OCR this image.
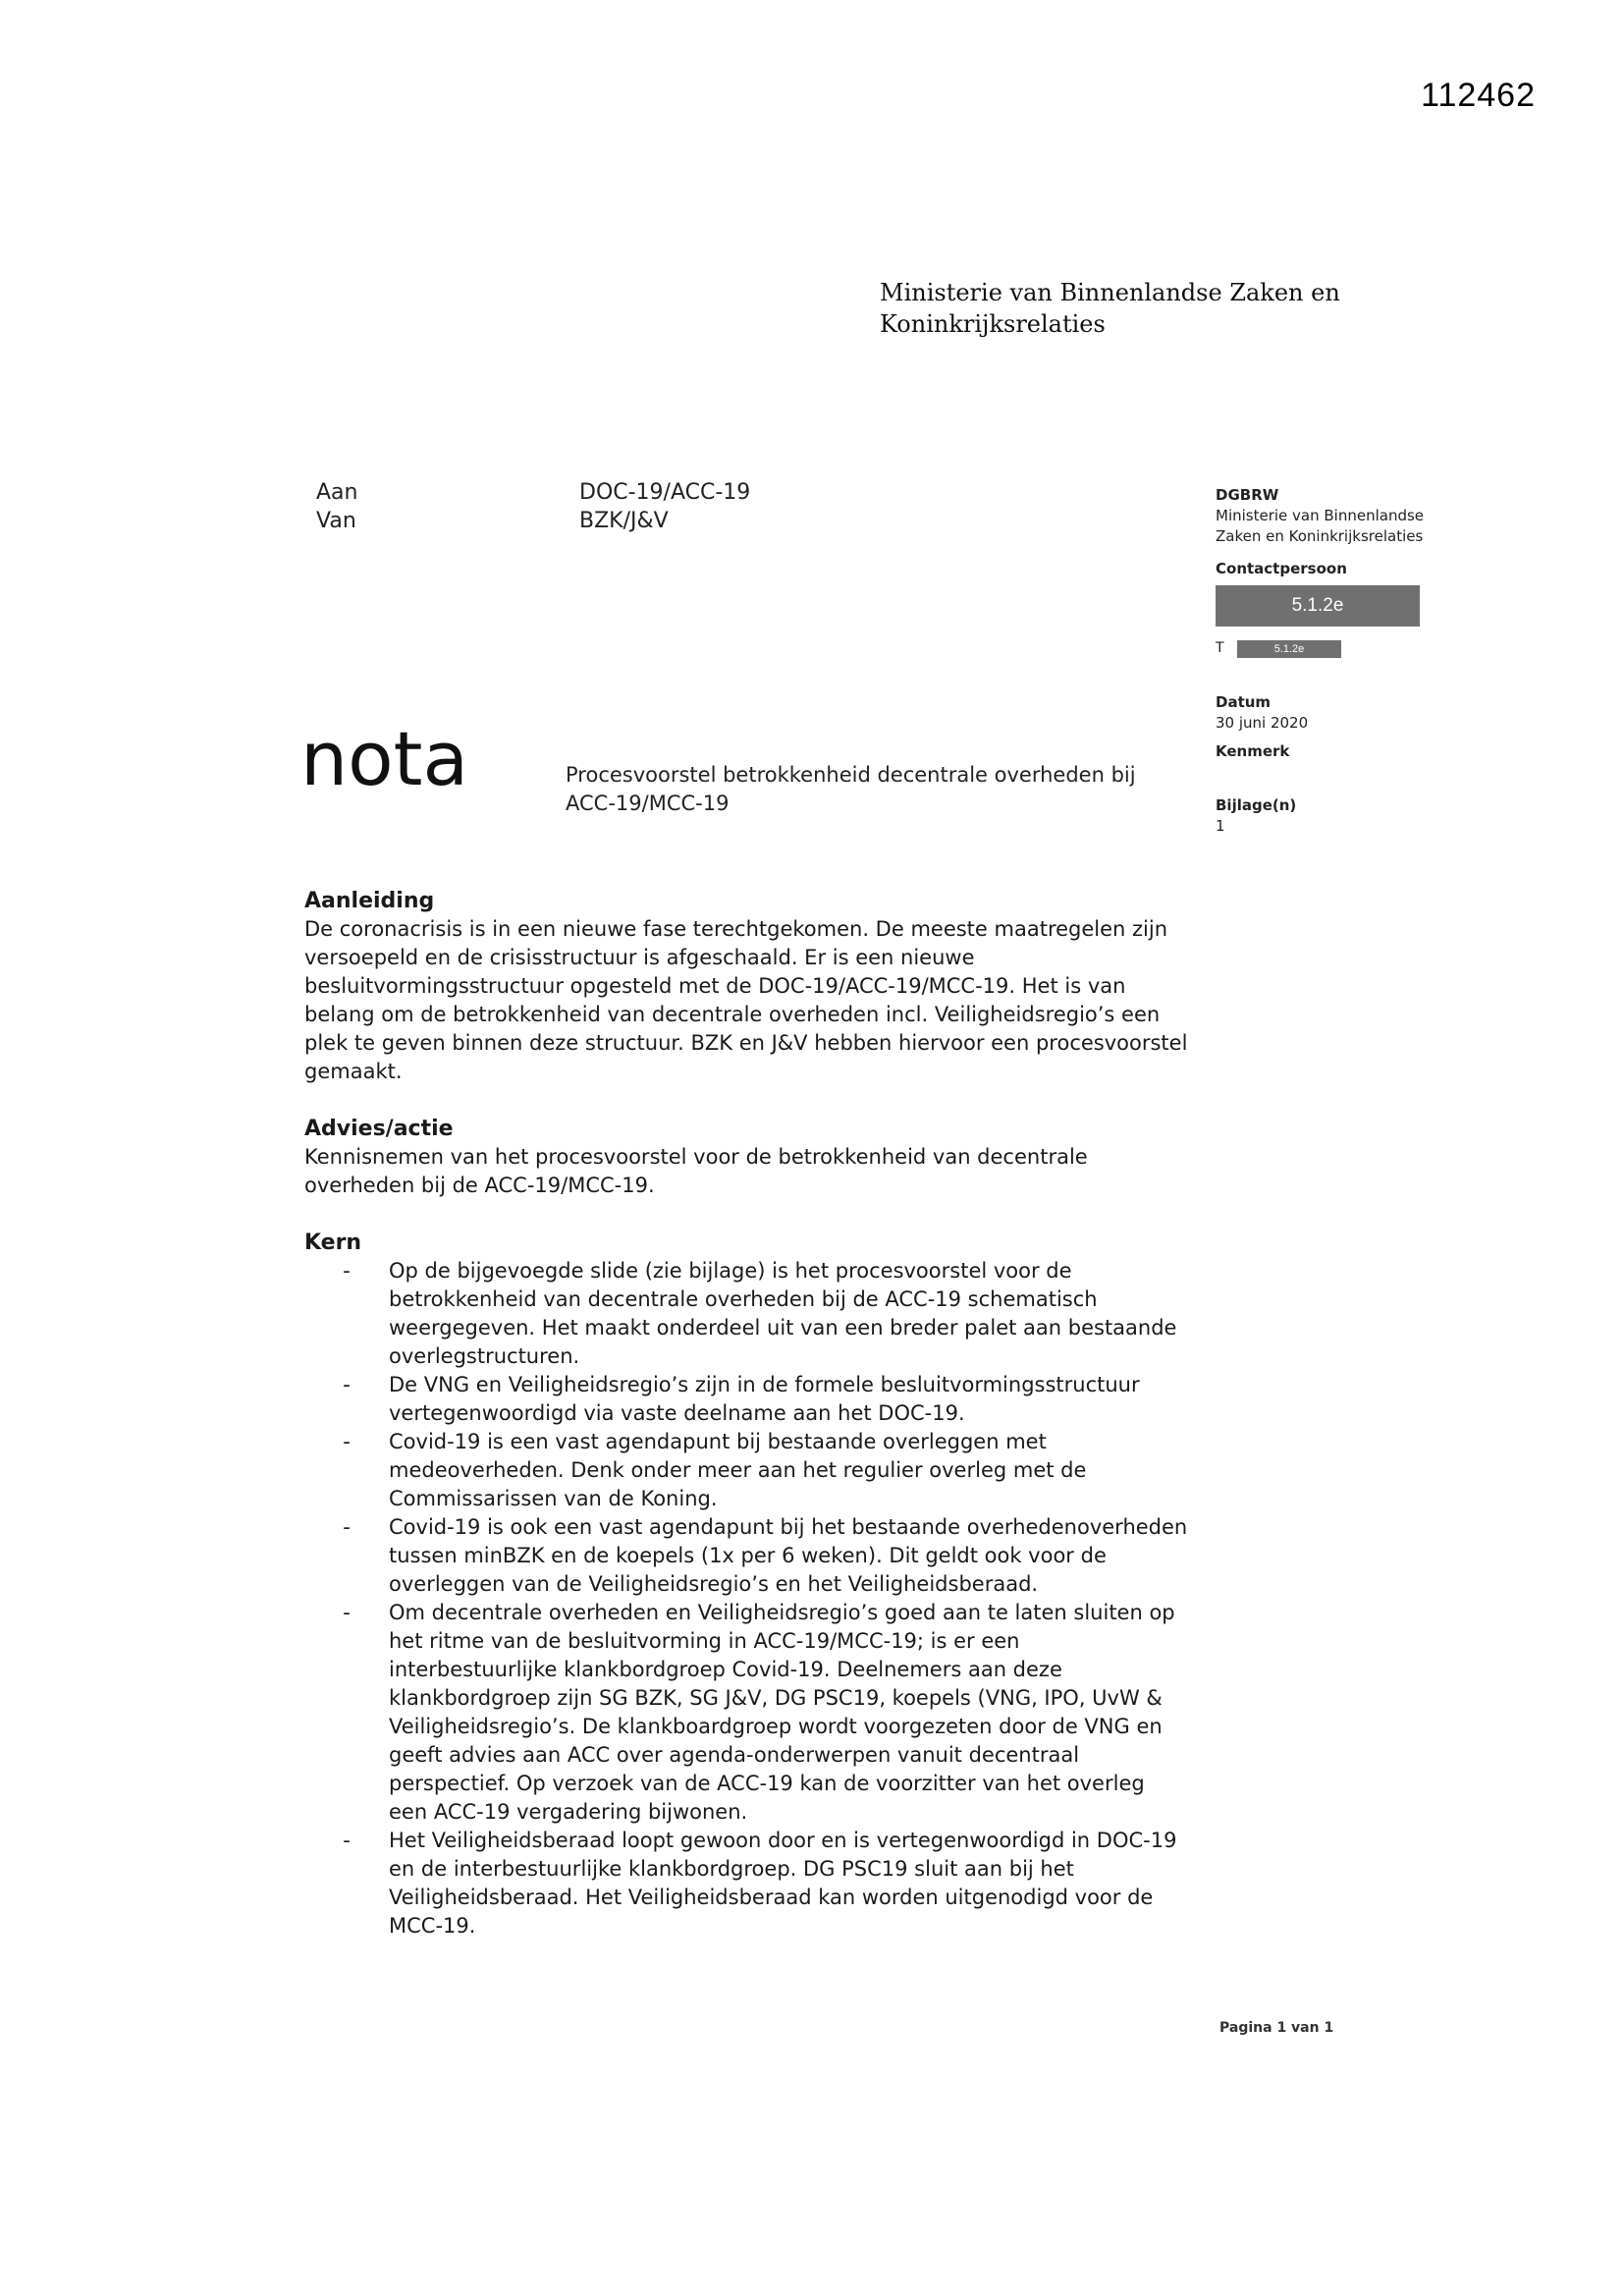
112462
Ministerie van Binnenlandse Zaken en
Koninkrijksrelaties
Aan	DOC-19/ACC-19
Van	BZK/J&V
DGBRW
Ministerie van Binnenlandse
Zaken en Koninkrijksrelaties
Contactpersoon
5.1.2e
T	5.1.2e
Datum
30 juni 2020
Kenmerk
Bijlage(n)
1
nota	Procesvoorstel betrokkenheid decentrale overheden bij
ACC-19/MCC-19
Aanleiding

De coronacrisis is in een nieuwe fase terechtgekomen. De meeste maatregelen zijn versoepeld en de crisisstructuur is afgeschaald. Er is een nieuwe besluitvormingsstructuur opgesteld met de DOC-19/ACC-19/MCC-19. Het is van belang om de betrokkenheid van decentrale overheden incl. Veiligheidsregio’s een plek te geven binnen deze structuur. BZK en J&V hebben hiervoor een procesvoorstel gemaakt.

Advies/actie

Kennisnemen van het procesvoorstel voor de betrokkenheid van decentrale overheden bij de ACC-19/MCC-19.

Kern
-	Op de bijgevoegde slide (zie bijlage) is het procesvoorstel voor de betrokkenheid van decentrale overheden bij de ACC-19 schematisch weergegeven. Het maakt onderdeel uit van een breder palet aan bestaande overlegstructuren.
-	De VNG en Veiligheidsregio’s zijn in de formele besluitvormingsstructuur vertegenwoordigd via vaste deelname aan het DOC-19.
-	Covid-19 is een vast agendapunt bij bestaande overleggen met medeoverheden. Denk onder meer aan het regulier overleg met de Commissarissen van de Koning.
-	Covid-19 is ook een vast agendapunt bij het bestaande overhedenoverheden tussen minBZK en de koepels (1x per 6 weken). Dit geldt ook voor de overleggen van de Veiligheidsregio’s en het Veiligheidsberaad.
-	Om decentrale overheden en Veiligheidsregio’s goed aan te laten sluiten op het ritme van de besluitvorming in ACC-19/MCC-19; is er een interbestuurlijke klankbordgroep Covid-19. Deelnemers aan deze klankbordgroep zijn SG BZK, SG J&V, DG PSC19, koepels (VNG, IPO, UvW & Veiligheidsregio’s. De klankboardgroep wordt voorgezeten door de VNG en geeft advies aan ACC over agenda-onderwerpen vanuit decentraal perspectief. Op verzoek van de ACC-19 kan de voorzitter van het overleg een ACC-19 vergadering bijwonen.
-	Het Veiligheidsberaad loopt gewoon door en is vertegenwoordigd in DOC-19 en de interbestuurlijke klankbordgroep. DG PSC19 sluit aan bij het Veiligheidsberaad. Het Veiligheidsberaad kan worden uitgenodigd voor de MCC-19.
Pagina 1 van 1
